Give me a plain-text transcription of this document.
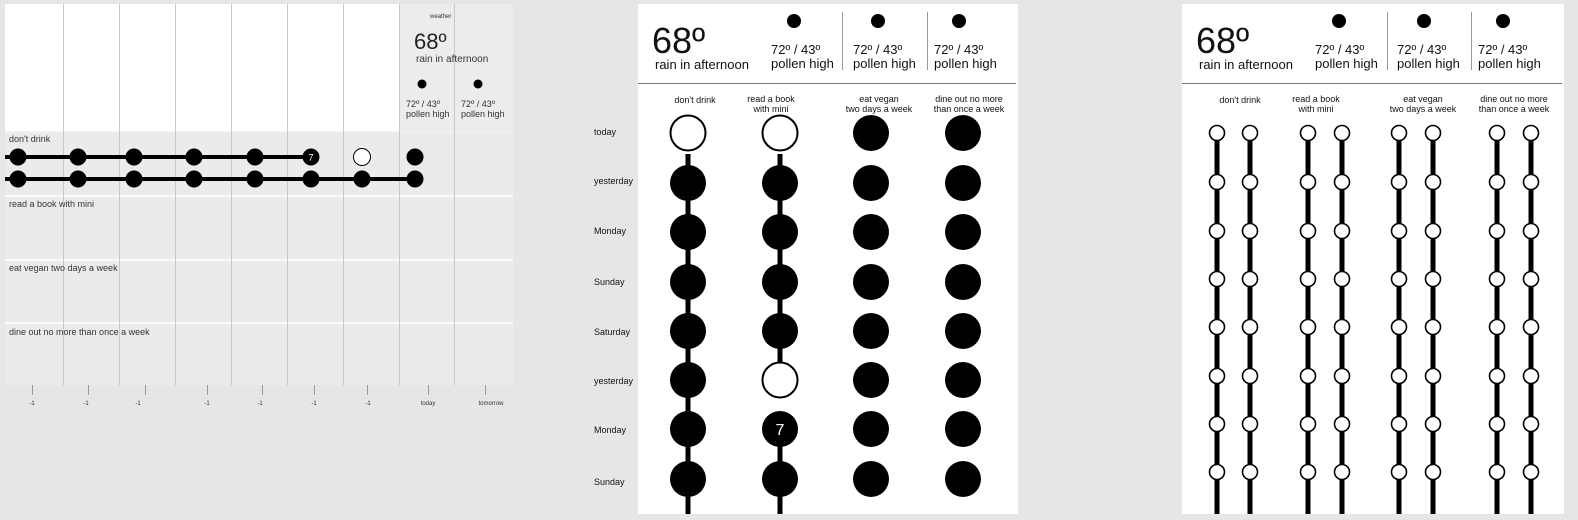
don't drink
read a book with mini
eat vegan two days a week
dine out no more than once a week
weather
68º
rain in afternoon
72º / 43º
pollen high
72º / 43º
pollen high
7
-1	-1	-1	-1	-1	-1	-1	today	tomorrow
today
yesterday
Monday
Sunday
Saturday
yesterday
Monday
Sunday
68º
rain in afternoon
72º / 43º
pollen high
72º / 43º
pollen high
72º / 43º
pollen high
don't drink	read a book
with mini
eat vegan
two days a week
dine out no more
than once a week
7
68º
rain in afternoon
72º / 43º
pollen high
72º / 43º
pollen high
72º / 43º
pollen high
don't drink	read a book
with mini
eat vegan
two days a week
dine out no more
than once a week
